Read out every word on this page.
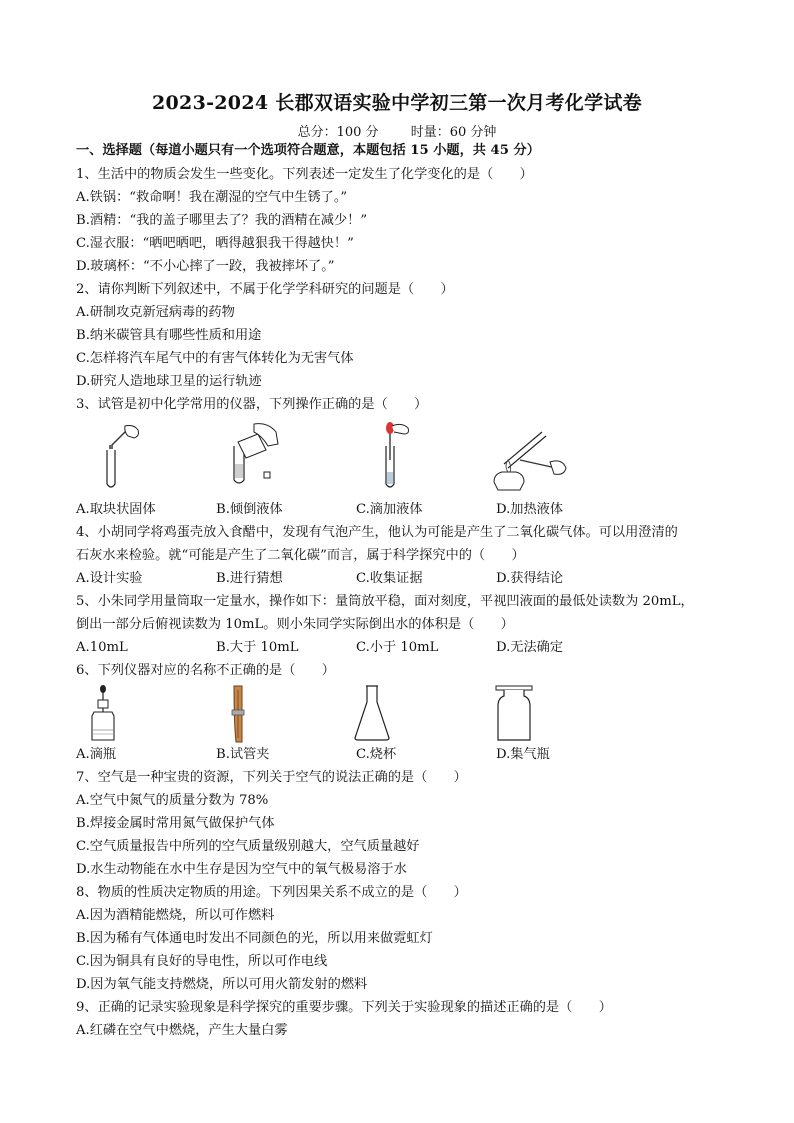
2023-2024 长郡双语实验中学初三第一次月考化学试卷
总分：100 分 时量：60 分钟
一、选择题（每道小题只有一个选项符合题意，本题包括 15 小题，共 45 分）
1、生活中的物质会发生一些变化。下列表述一定发生了化学变化的是（　　）
A.铁锅：“救命啊！我在潮湿的空气中生锈了。”
B.酒精：“我的盖子哪里去了？我的酒精在减少！”
C.湿衣服：“晒吧晒吧，晒得越狠我干得越快！”
D.玻璃杯：“不小心摔了一跤，我被摔坏了。”
2、请你判断下列叙述中，不属于化学学科研究的问题是（　　）
A.研制攻克新冠病毒的药物
B.纳米碳管具有哪些性质和用途
C.怎样将汽车尾气中的有害气体转化为无害气体
D.研究人造地球卫星的运行轨迹
3、试管是初中化学常用的仪器，下列操作正确的是（　　）
A.取块状固体	B.倾倒液体	C.滴加液体	D.加热液体
4、小胡同学将鸡蛋壳放入食醋中，发现有气泡产生，他认为可能是产生了二氧化碳气体。可以用澄清的
石灰水来检验。就“可能是产生了二氧化碳”而言，属于科学探究中的（　　）
A.设计实验	B.进行猜想	C.收集证据	D.获得结论
5、小朱同学用量筒取一定量水，操作如下：量筒放平稳，面对刻度，平视凹液面的最低处读数为 20mL，
倒出一部分后俯视读数为 10mL。则小朱同学实际倒出水的体积是（　　）
A.10mL	B.大于 10mL	C.小于 10mL	D.无法确定
6、下列仪器对应的名称不正确的是（　　）
A.滴瓶	B.试管夹	C.烧杯	D.集气瓶
7、空气是一种宝贵的资源，下列关于空气的说法正确的是（　　）
A.空气中氮气的质量分数为 78%
B.焊接金属时常用氮气做保护气体
C.空气质量报告中所列的空气质量级别越大，空气质量越好
D.水生动物能在水中生存是因为空气中的氧气极易溶于水
8、物质的性质决定物质的用途。下列因果关系不成立的是（　　）
A.因为酒精能燃烧，所以可作燃料
B.因为稀有气体通电时发出不同颜色的光，所以用来做霓虹灯
C.因为铜具有良好的导电性，所以可作电线
D.因为氧气能支持燃烧，所以可用火箭发射的燃料
9、正确的记录实验现象是科学探究的重要步骤。下列关于实验现象的描述正确的是（　　）
A.红磷在空气中燃烧，产生大量白雾
